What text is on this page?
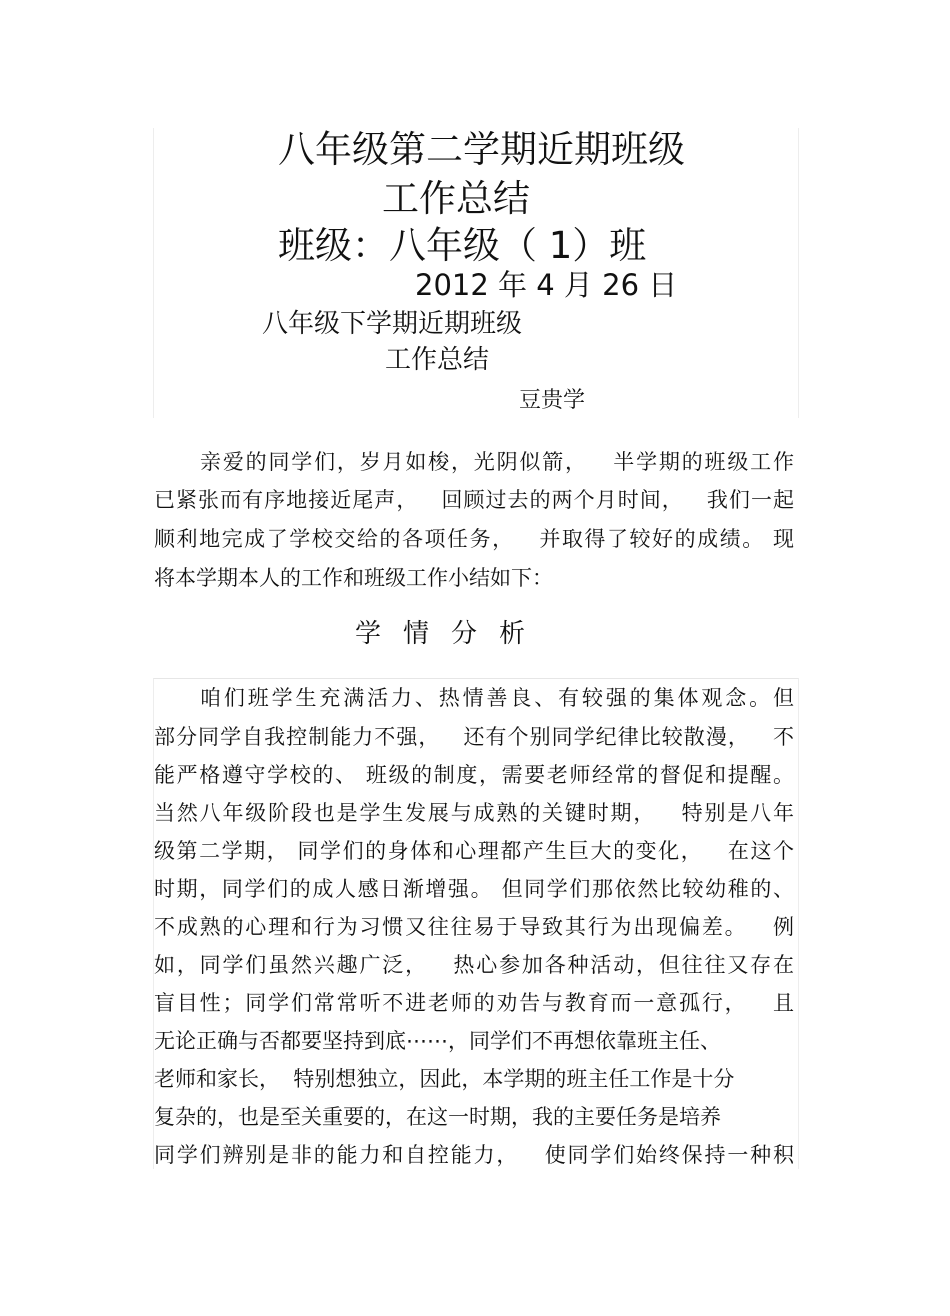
八年级第二学期近期班级
工作总结
班级：八年级（ 1）班
2012 年 4 月 26 日
八年级下学期近期班级
工作总结
豆贵学
亲爱的同学们，岁月如梭，光阴似箭，   半学期的班级工作
已紧张而有序地接近尾声，   回顾过去的两个月时间，   我们一起
顺利地完成了学校交给的各项任务，   并取得了较好的成绩。 现
将本学期本人的工作和班级工作小结如下：
学情分析
咱们班学生充满活力、热情善良、有较强的集体观念。但
部分同学自我控制能力不强，   还有个别同学纪律比较散漫，   不
能严格遵守学校的、 班级的制度，需要老师经常的督促和提醒。
当然八年级阶段也是学生发展与成熟的关键时期，   特别是八年
级第二学期， 同学们的身体和心理都产生巨大的变化，   在这个
时期，同学们的成人感日渐增强。 但同学们那依然比较幼稚的、
不成熟的心理和行为习惯又往往易于导致其行为出现偏差。   例
如，同学们虽然兴趣广泛，   热心参加各种活动，但往往又存在
盲目性；同学们常常听不进老师的劝告与教育而一意孤行，   且
无论正确与否都要坚持到底⋯⋯，同学们不再想依靠班主任、
老师和家长，  特别想独立，因此，本学期的班主任工作是十分
复杂的，也是至关重要的，在这一时期，我的主要任务是培养
同学们辨别是非的能力和自控能力，   使同学们始终保持一种积
